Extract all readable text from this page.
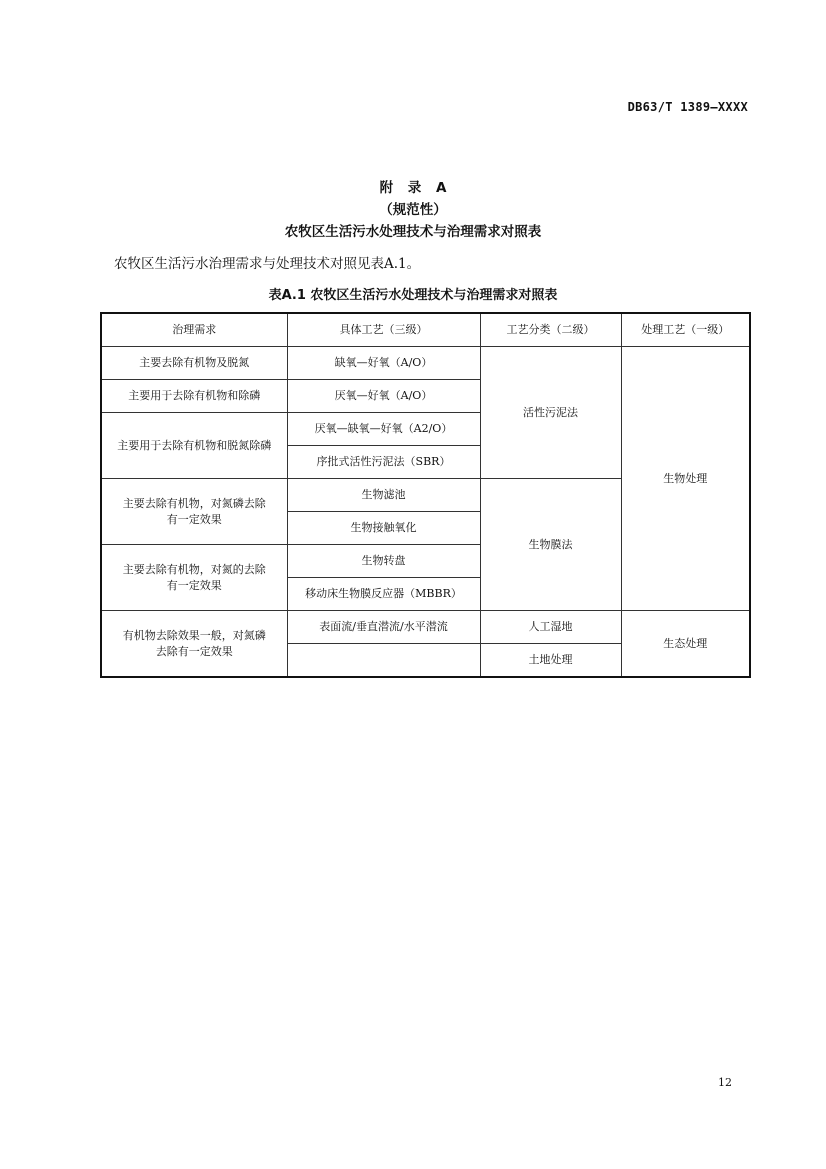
DB63/T 1389—XXXX
附 录 A
（规范性）
农牧区生活污水处理技术与治理需求对照表
农牧区生活污水治理需求与处理技术对照见表A.1。
表A.1 农牧区生活污水处理技术与治理需求对照表
治理需求	具体工艺（三级）	工艺分类（二级）	处理工艺（一级）
主要去除有机物及脱氮	缺氧—好氧（A/O）	活性污泥法	生物处理
主要用于去除有机物和除磷	厌氧—好氧（A/O）		
主要用于去除有机物和脱氮除磷	厌氧—缺氧—好氧（A2/O）		
	序批式活性污泥法（SBR）		

主要去除有机物，对氮磷去除
有一定效果	生物滤池	生物膜法	
	生物接触氧化		

主要去除有机物，对氮的去除
有一定效果	生物转盘		
	移动床生物膜反应器（MBBR）		

有机物去除效果一般，对氮磷
去除有一定效果	表面流/垂直潜流/水平潜流	人工湿地	生态处理
		土地处理	
12
